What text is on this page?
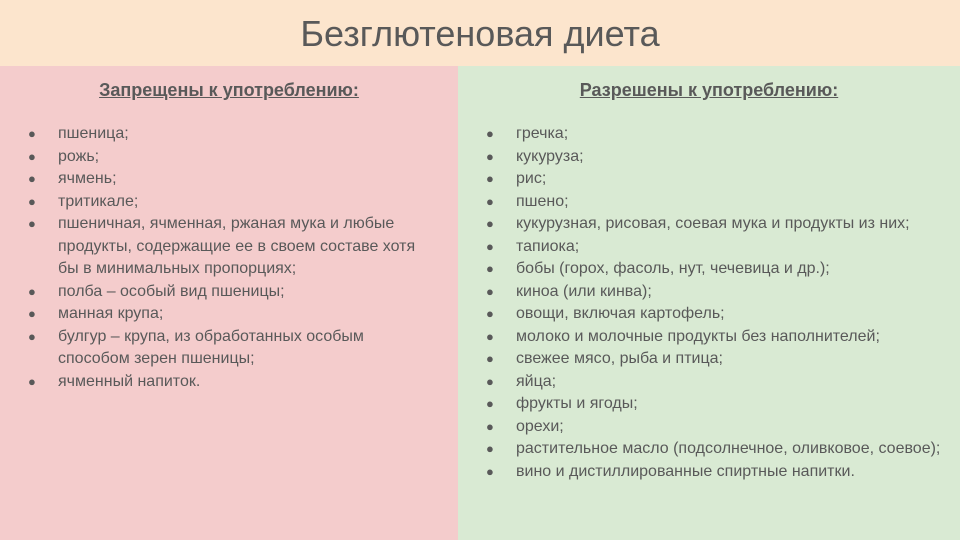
Безглютеновая диета
Запрещены к употреблению:
●	пшеница;
●	рожь;
●	ячмень;
●	тритикале;
●	пшеничная, ячменная, ржаная мука и любые продукты, содержащие ее в своем составе хотя бы в минимальных пропорциях;
●	полба – особый вид пшеницы;
●	манная крупа;
●	булгур – крупа, из обработанных особым способом зерен пшеницы;
●	ячменный напиток.
Разрешены к употреблению:
●	гречка;
●	кукуруза;
●	рис;
●	пшено;
●	кукурузная, рисовая, соевая мука и продукты из них;
●	тапиока;
●	бобы (горох, фасоль, нут, чечевица и др.);
●	киноа (или кинва);
●	овощи, включая картофель;
●	молоко и молочные продукты без наполнителей;
●	свежее мясо, рыба и птица;
●	яйца;
●	фрукты и ягоды;
●	орехи;
●	растительное масло (подсолнечное, оливковое, соевое);
●	вино и дистиллированные спиртные напитки.
